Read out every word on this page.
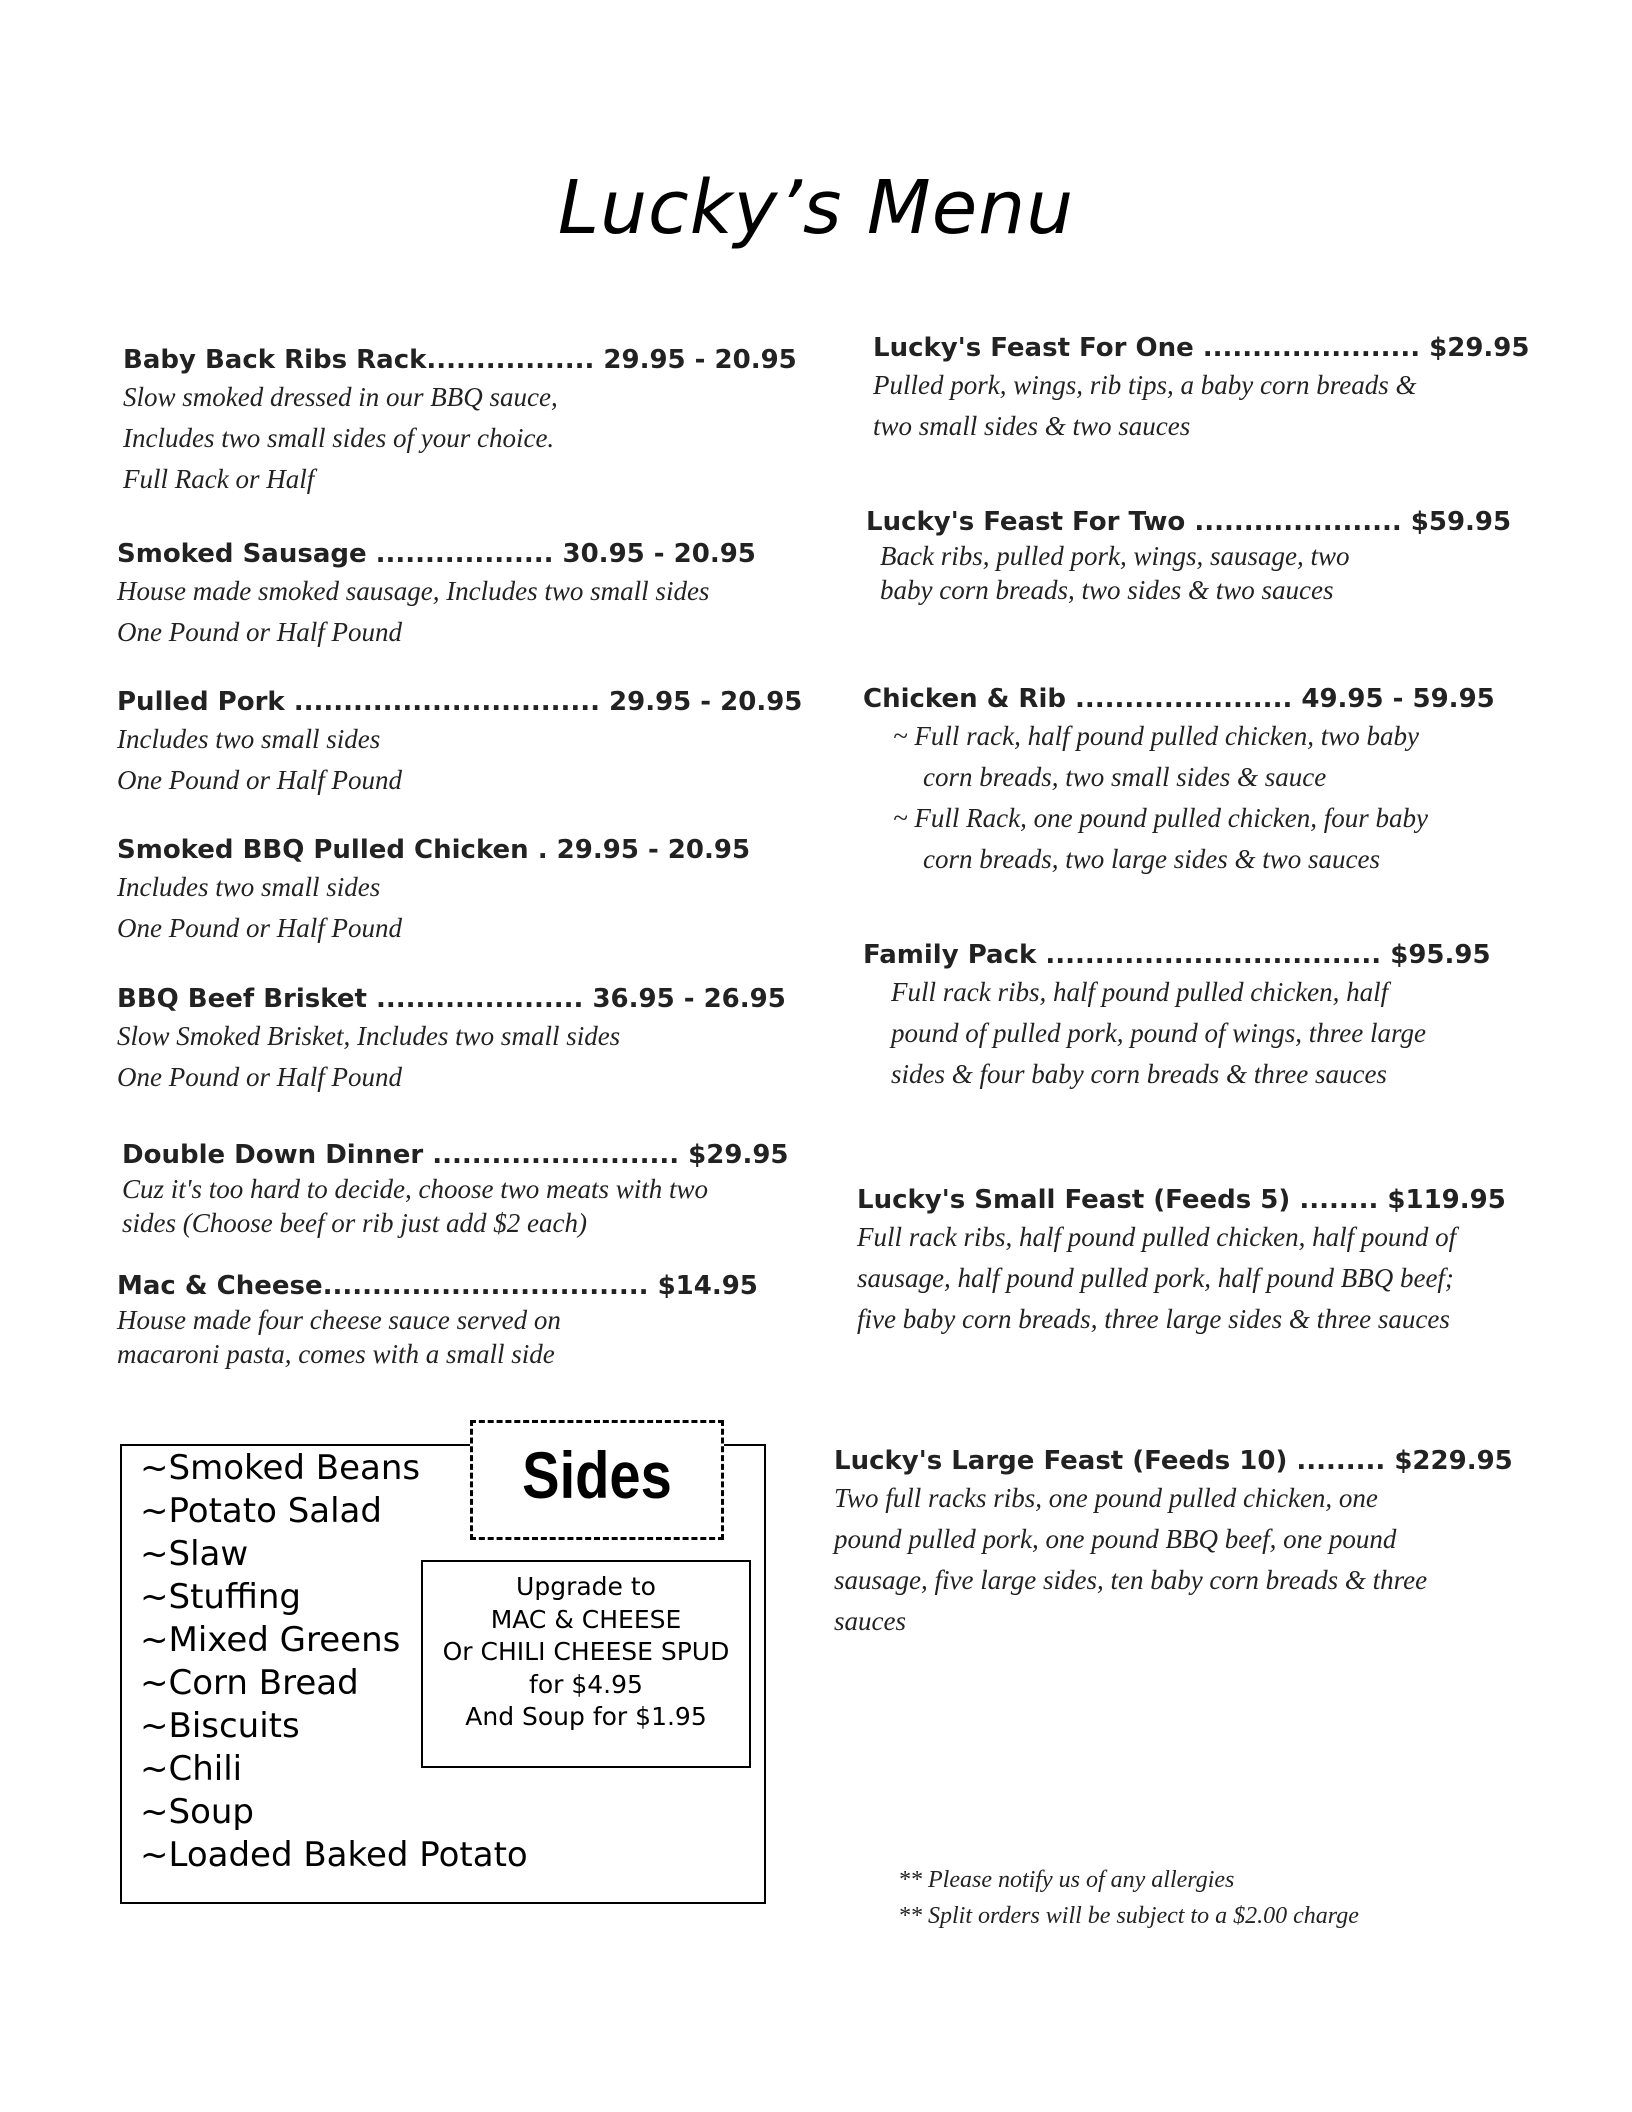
Lucky’s Menu
Baby Back Ribs Rack................. 29.95 - 20.95
Slow smoked dressed in our BBQ sauce,
Includes two small sides of your choice.
Full Rack or Half
Smoked Sausage .................. 30.95 - 20.95
House made smoked sausage, Includes two small sides
One Pound or Half Pound
Pulled Pork ............................... 29.95 - 20.95
Includes two small sides
One Pound or Half Pound
Smoked BBQ Pulled Chicken . 29.95 - 20.95
Includes two small sides
One Pound or Half Pound
BBQ Beef Brisket ..................... 36.95 - 26.95
Slow Smoked Brisket, Includes two small sides
One Pound or Half Pound
Double Down Dinner ......................... $29.95
Cuz it's too hard to decide, choose two meats with two
sides (Choose beef or rib just add $2 each)
Mac & Cheese................................. $14.95
House made four cheese sauce served on
macaroni pasta, comes with a small side
Lucky's Feast For One ...................... $29.95
Pulled pork, wings, rib tips, a baby corn breads &
two small sides & two sauces
Lucky's Feast For Two ..................... $59.95
Back ribs, pulled pork, wings, sausage, two
baby corn breads, two sides & two sauces
Chicken & Rib ...................... 49.95 - 59.95
~ Full rack, half pound pulled chicken, two baby
corn breads, two small sides & sauce
~ Full Rack, one pound pulled chicken, four baby
corn breads, two large sides & two sauces
Family Pack .................................. $95.95
Full rack ribs, half pound pulled chicken, half
pound of pulled pork, pound of wings, three large
sides & four baby corn breads & three sauces
Lucky's Small Feast (Feeds 5) ........ $119.95
Full rack ribs, half pound pulled chicken, half pound of
sausage, half pound pulled pork, half pound BBQ beef;
five baby corn breads, three large sides & three sauces
Lucky's Large Feast (Feeds 10) ......... $229.95
Two full racks ribs, one pound pulled chicken, one
pound pulled pork, one pound BBQ beef, one pound
sausage, five large sides, ten baby corn breads & three
sauces
~Smoked Beans
~Potato Salad
~Slaw
~Stuffing
~Mixed Greens
~Corn Bread
~Biscuits
~Chili
~Soup
~Loaded Baked Potato
Sides
Upgrade to
MAC & CHEESE
Or CHILI CHEESE SPUD
for $4.95
And Soup for $1.95
** Please notify us of any allergies
** Split orders will be subject to a $2.00 charge
